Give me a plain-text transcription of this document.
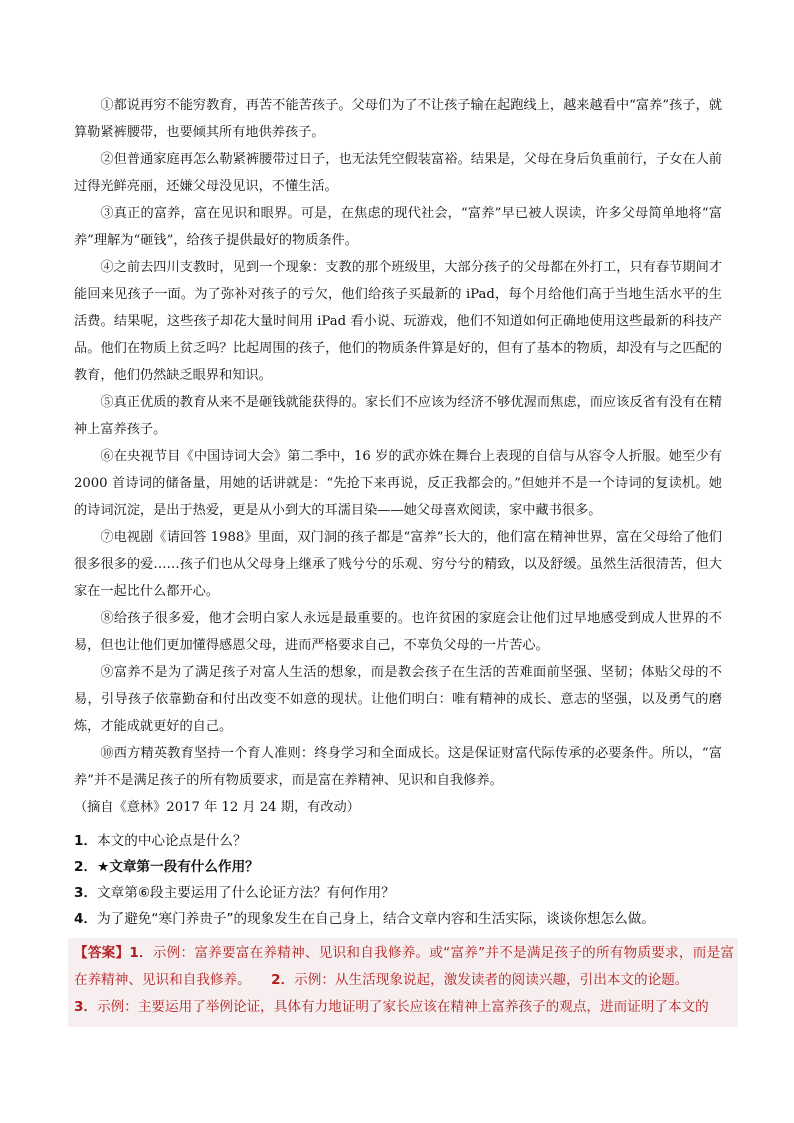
①都说再穷不能穷教育，再苦不能苦孩子。父母们为了不让孩子输在起跑线上，越来越看中“富养”孩子，就算勒紧裤腰带，也要倾其所有地供养孩子。

②但普通家庭再怎么勒紧裤腰带过日子，也无法凭空假装富裕。结果是，父母在身后负重前行，子女在人前过得光鲜亮丽，还嫌父母没见识，不懂生活。

③真正的富养，富在见识和眼界。可是，在焦虑的现代社会，“富养”早已被人误读，许多父母简单地将“富养”理解为“砸钱”，给孩子提供最好的物质条件。

④之前去四川支教时，见到一个现象：支教的那个班级里，大部分孩子的父母都在外打工，只有春节期间才能回来见孩子一面。为了弥补对孩子的亏欠，他们给孩子买最新的 iPad，每个月给他们高于当地生活水平的生活费。结果呢，这些孩子却花大量时间用 iPad 看小说、玩游戏，他们不知道如何正确地使用这些最新的科技产品。他们在物质上贫乏吗？比起周围的孩子，他们的物质条件算是好的，但有了基本的物质，却没有与之匹配的教育，他们仍然缺乏眼界和知识。

⑤真正优质的教育从来不是砸钱就能获得的。家长们不应该为经济不够优渥而焦虑，而应该反省有没有在精神上富养孩子。

⑥在央视节目《中国诗词大会》第二季中，16 岁的武亦姝在舞台上表现的自信与从容令人折服。她至少有 2000 首诗词的储备量，用她的话讲就是：“先抢下来再说，反正我都会的。”但她并不是一个诗词的复读机。她的诗词沉淀，是出于热爱，更是从小到大的耳濡目染——她父母喜欢阅读，家中藏书很多。

⑦电视剧《请回答 1988》里面，双门洞的孩子都是“富养”长大的，他们富在精神世界，富在父母给了他们很多很多的爱……孩子们也从父母身上继承了贱兮兮的乐观、穷兮兮的精致，以及舒缓。虽然生活很清苦，但大家在一起比什么都开心。

⑧给孩子很多爱，他才会明白家人永远是最重要的。也许贫困的家庭会让他们过早地感受到成人世界的不易，但也让他们更加懂得感恩父母，进而严格要求自己，不辜负父母的一片苦心。

⑨富养不是为了满足孩子对富人生活的想象，而是教会孩子在生活的苦难面前坚强、坚韧；体贴父母的不易，引导孩子依靠勤奋和付出改变不如意的现状。让他们明白：唯有精神的成长、意志的坚强，以及勇气的磨炼，才能成就更好的自己。

⑩西方精英教育坚持一个育人准则：终身学习和全面成长。这是保证财富代际传承的必要条件。所以，“富养”并不是满足孩子的所有物质要求，而是富在养精神、见识和自我修养。

（摘自《意林》2017 年 12 月 24 期，有改动）

1．本文的中心论点是什么？

2．★文章第一段有什么作用？

3．文章第⑥段主要运用了什么论证方法？有何作用？

4．为了避免“寒门养贵子”的现象发生在自己身上，结合文章内容和生活实际，谈谈你想怎么做。

【答案】1．示例：富养要富在养精神、见识和自我修养。或“富养”并不是满足孩子的所有物质要求，而是富在养精神、见识和自我修养。　　 2．示例：从生活现象说起，激发读者的阅读兴趣，引出本文的论题。
3．示例：主要运用了举例论证，具体有力地证明了家长应该在精神上富养孩子的观点，进而证明了本文的
